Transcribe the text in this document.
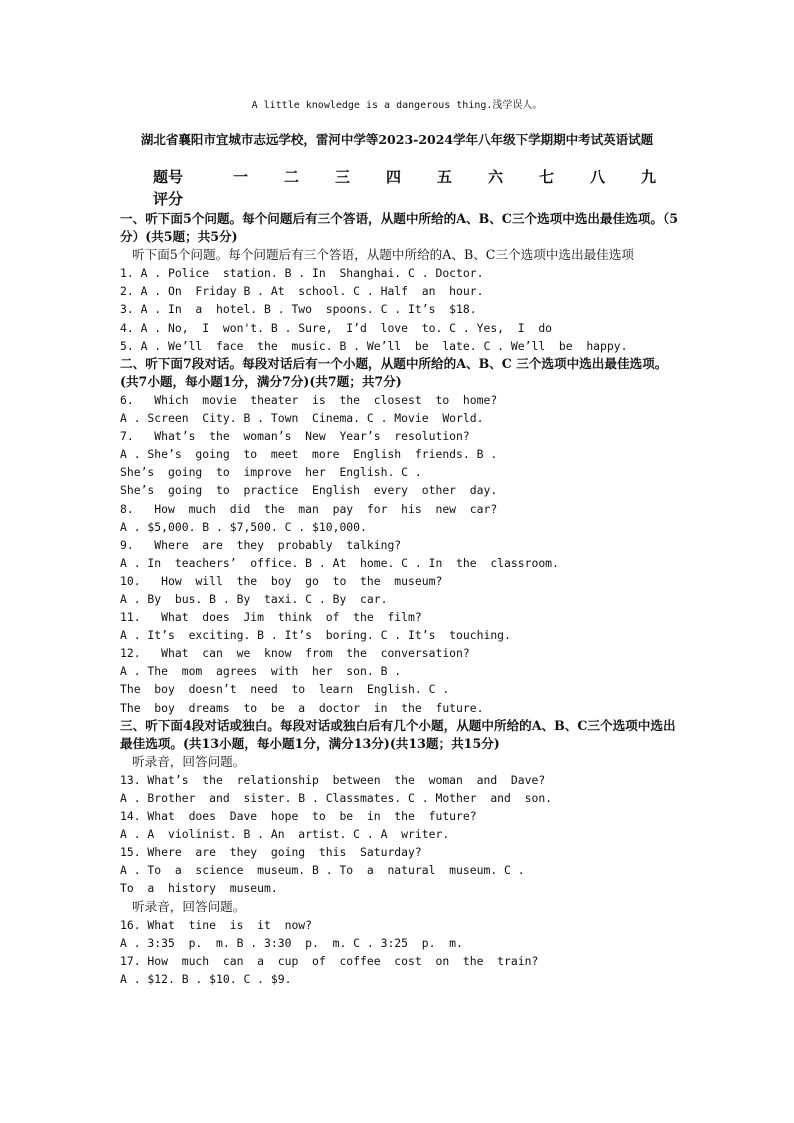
A little knowledge is a dangerous thing.浅学误人。
湖北省襄阳市宜城市志远学校，雷河中学等2023-2024学年八年级下学期期中考试英语试题
题号	一 二 三 四 五 六 七 八 九
评分
一、听下面5个问题。每个问题后有三个答语，从题中所给的A、B、C三个选项中选出最佳选项。（5分）(共5题；共5分)
听下面5个问题。每个问题后有三个答语，从题中所给的A、B、C三个选项中选出最佳选项
1. A . Police  station. B . In  Shanghai. C . Doctor.
2. A . On  Friday B . At  school. C . Half  an  hour.
3. A . In  a  hotel. B . Two  spoons. C . It’s  $18.
4. A . No,  I  won't. B . Sure,  I’d  love  to. C . Yes,  I  do
5. A . We’ll  face  the  music. B . We’ll  be  late. C . We’ll  be  happy.
二、听下面7段对话。每段对话后有一个小题，从题中所给的A、B、C 三个选项中选出最佳选项。(共7小题，每小题1分，满分7分)(共7题；共7分)
6.   Which  movie  theater  is  the  closest  to  home?
A . Screen  City. B . Town  Cinema. C . Movie  World.
7.   What’s  the  woman’s  New  Year’s  resolution?
A . She’s  going  to  meet  more  English  friends. B .
She’s  going  to  improve  her  English. C .
She’s  going  to  practice  English  every  other  day.
8.   How  much  did  the  man  pay  for  his  new  car?
A . $5,000. B . $7,500. C . $10,000.
9.   Where  are  they  probably  talking?
A . In  teachers’  office. B . At  home. C . In  the  classroom.
10.   How  will  the  boy  go  to  the  museum?
A . By  bus. B . By  taxi. C . By  car.
11.   What  does  Jim  think  of  the  film?
A . It’s  exciting. B . It’s  boring. C . It’s  touching.
12.   What  can  we  know  from  the  conversation?
A . The  mom  agrees  with  her  son. B .
The  boy  doesn’t  need  to  learn  English. C .
The  boy  dreams  to  be  a  doctor  in  the  future.
三、听下面4段对话或独白。每段对话或独白后有几个小题，从题中所给的A、B、C三个选项中选出最佳选项。(共13小题，每小题1分，满分13分)(共13题；共15分)
听录音，回答问题。
13. What’s  the  relationship  between  the  woman  and  Dave?
A . Brother  and  sister. B . Classmates. C . Mother  and  son.
14. What  does  Dave  hope  to  be  in  the  future?
A . A  violinist. B . An  artist. C . A  writer.
15. Where  are  they  going  this  Saturday?
A . To  a  science  museum. B . To  a  natural  museum. C .
To  a  history  museum.
听录音，回答问题。
16. What  tine  is  it  now?
A . 3:35  p.  m. B . 3:30  p.  m. C . 3:25  p.  m.
17. How  much  can  a  cup  of  coffee  cost  on  the  train?
A . $12. B . $10. C . $9.
